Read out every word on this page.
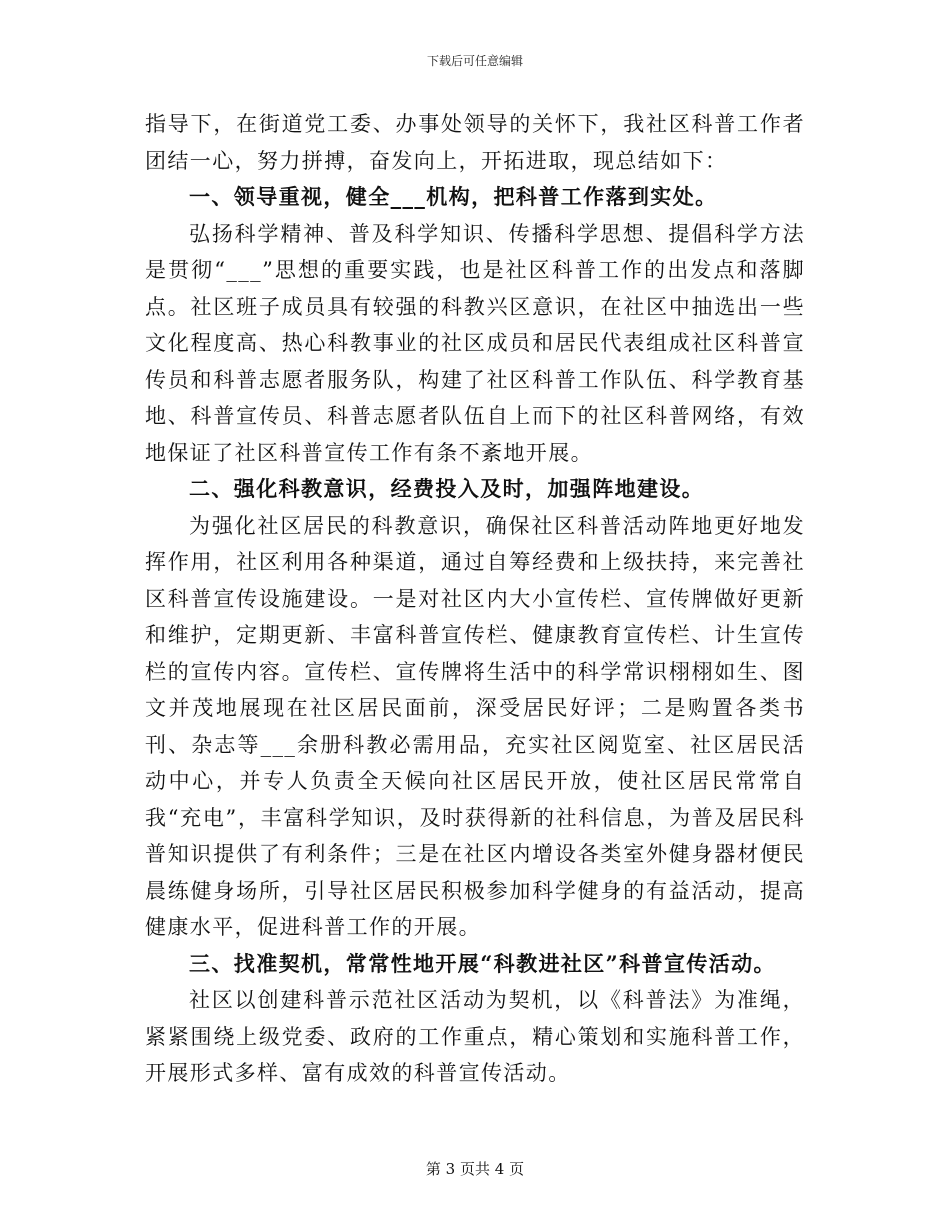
下载后可任意编辑

指导下，在街道党工委、办事处领导的关怀下，我社区科普工作者团结一心，努力拼搏，奋发向上，开拓进取，现总结如下：

一、领导重视，健全___机构，把科普工作落到实处。

弘扬科学精神、普及科学知识、传播科学思想、提倡科学方法是贯彻“___”思想的重要实践，也是社区科普工作的出发点和落脚点。社区班子成员具有较强的科教兴区意识，在社区中抽选出一些文化程度高、热心科教事业的社区成员和居民代表组成社区科普宣传员和科普志愿者服务队，构建了社区科普工作队伍、科学教育基地、科普宣传员、科普志愿者队伍自上而下的社区科普网络，有效地保证了社区科普宣传工作有条不紊地开展。

二、强化科教意识，经费投入及时，加强阵地建设。

为强化社区居民的科教意识，确保社区科普活动阵地更好地发挥作用，社区利用各种渠道，通过自筹经费和上级扶持，来完善社区科普宣传设施建设。一是对社区内大小宣传栏、宣传牌做好更新和维护，定期更新、丰富科普宣传栏、健康教育宣传栏、计生宣传栏的宣传内容。宣传栏、宣传牌将生活中的科学常识栩栩如生、图文并茂地展现在社区居民面前，深受居民好评；二是购置各类书刊、杂志等___余册科教必需用品，充实社区阅览室、社区居民活动中心，并专人负责全天候向社区居民开放，使社区居民常常自我“充电”，丰富科学知识，及时获得新的社科信息，为普及居民科普知识提供了有利条件；三是在社区内增设各类室外健身器材便民晨练健身场所，引导社区居民积极参加科学健身的有益活动，提高健康水平，促进科普工作的开展。

三、找准契机，常常性地开展“科教进社区”科普宣传活动。

社区以创建科普示范社区活动为契机，以《科普法》为准绳，紧紧围绕上级党委、政府的工作重点，精心策划和实施科普工作，开展形式多样、富有成效的科普宣传活动。

第 3 页共 4 页
